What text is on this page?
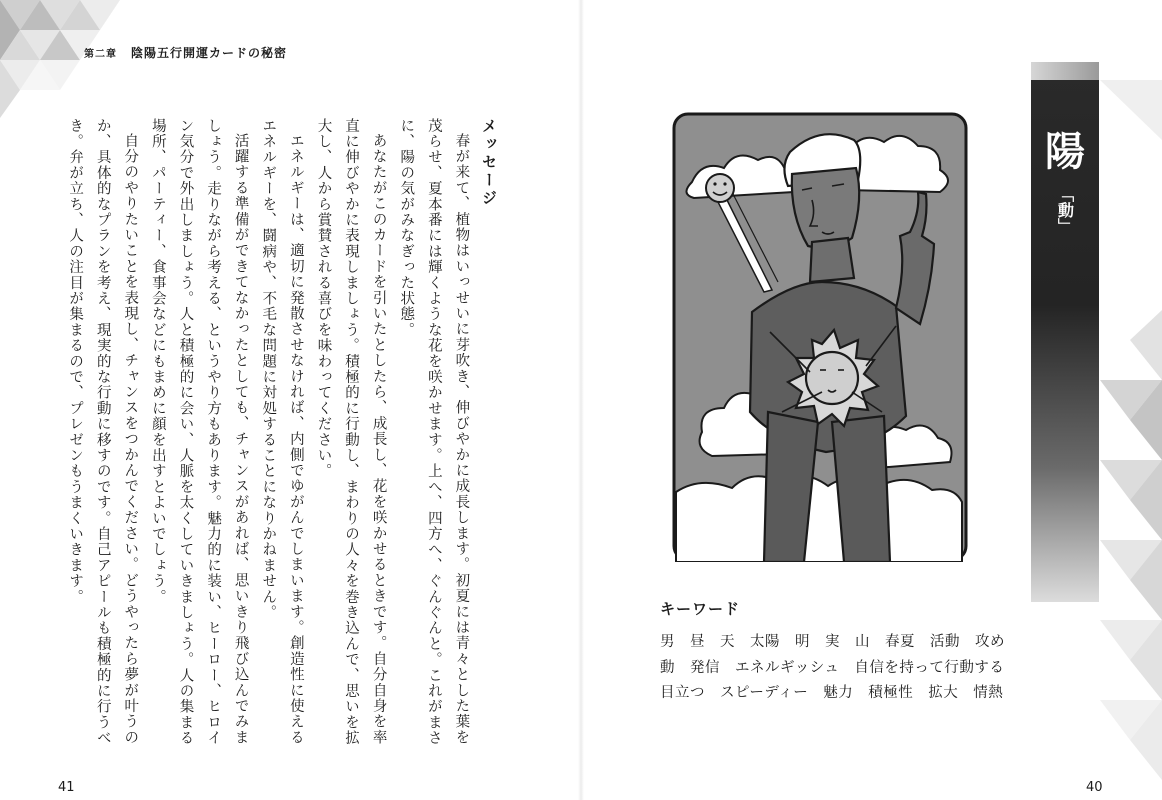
第二章 陰陽五行開運カードの秘密
メッセージ

春が来て、植物はいっせいに芽吹き、伸びやかに成長します。初夏には青々とした葉を茂らせ、夏本番には輝くような花を咲かせます。上へ、四方へ、ぐんぐんと。これがまさに、陽の気がみなぎった状態。

あなたがこのカードを引いたとしたら、成長し、花を咲かせるときです。自分自身を率直に伸びやかに表現しましょう。積極的に行動し、まわりの人々を巻き込んで、思いを拡大し、人から賞賛される喜びを味わってください。

エネルギーは、適切に発散させなければ、内側でゆがんでしまいます。創造性に使えるエネルギーを、闘病や、不毛な問題に対処することになりかねません。

活躍する準備ができてなかったとしても、チャンスがあれば、思いきり飛び込んでみましょう。走りながら考える、というやり方もあります。魅力的に装い、ヒーロー、ヒロイン気分で外出しましょう。人と積極的に会い、人脈を太くしていきましょう。人の集まる場所、パーティー、食事会などにもまめに顔を出すとよいでしょう。

自分のやりたいことを表現し、チャンスをつかんでください。どうやったら夢が叶うのか、具体的なプランを考え、現実的な行動に移すのです。自己アピールも積極的に行うべき。弁が立ち、人の注目が集まるので、プレゼンもうまくいきます。

41
キーワード
男　昼　天　太陽　明　実　山　春夏　活動　攻め
動　発信　エネルギッシュ　自信を持って行動する
目立つ　スピーディー　魅力　積極性　拡大　情熱
陽
「動」
40
